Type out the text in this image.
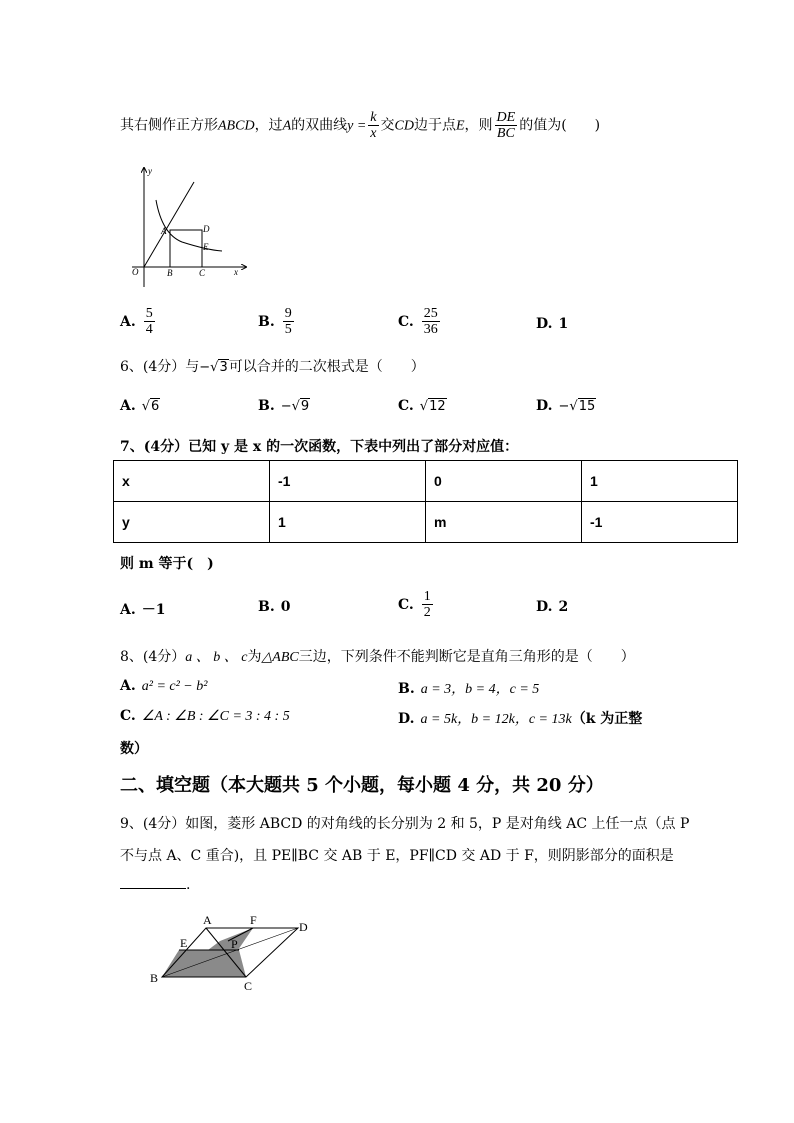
其右侧作正方形ABCD，过A的双曲线$y = \frac{k}{x}$ 交CD边于点E，则 $\frac{DE}{BC}$ 的值为(　　)
y
x
O
A
B	C
D
E
A. $\frac{5}{4}$	B. $\frac{9}{5}$	C. $\frac{25}{36}$	D. 1
6、(4分）与−√3可以合并的二次根式是（　　）
A. √6	B. −√9	C. √12	D. −√15
7、(4分）已知 y 是 x 的一次函数，下表中列出了部分对应值：
x	-1	0	1
y	1	m	-1
则 m 等于(　)
A. －1	B. 0	C. $\frac{1}{2}$	D. 2
8、(4分）a 、 b 、 c为△ABC三边，下列条件不能判断它是直角三角形的是（　　）
A. a² = c² − b²	B. a = 3，b = 4，c = 5
C. ∠A : ∠B : ∠C = 3 : 4 : 5	D. a = 5k，b = 12k，c = 13k（k 为正整
数）
二、填空题（本大题共 5 个小题，每小题 4 分，共 20 分）
9、(4分）如图，菱形 ABCD 的对角线的长分别为 2 和 5，P 是对角线 AC 上任一点（点 P
不与点 A、C 重合)，且 PE∥BC 交 AB 于 E，PF∥CD 交 AD 于 F，则阴影部分的面积是
.
A	F	D
E	P
B
C
